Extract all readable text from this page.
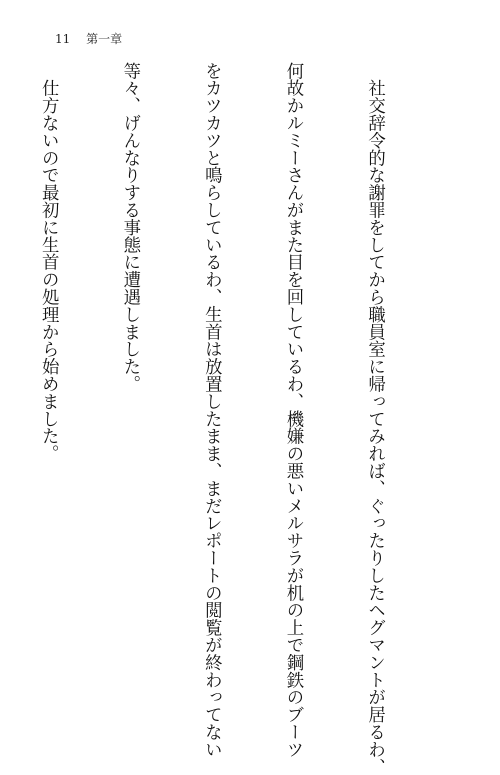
11 第一章

　社交辞令的な謝罪をしてから職員室に帰ってみれば、ぐったりしたヘグマントが居るわ、

何故かルミーさんがまた目を回しているわ、機嫌の悪いメルサラが机の上で鋼鉄のブーツ

をカツカツと鳴らしているわ、生首は放置したまま、まだレポートの閲覧が終わってない

等々、げんなりする事態に遭遇しました。

　仕方ないので最初に生首の処理から始めました。
